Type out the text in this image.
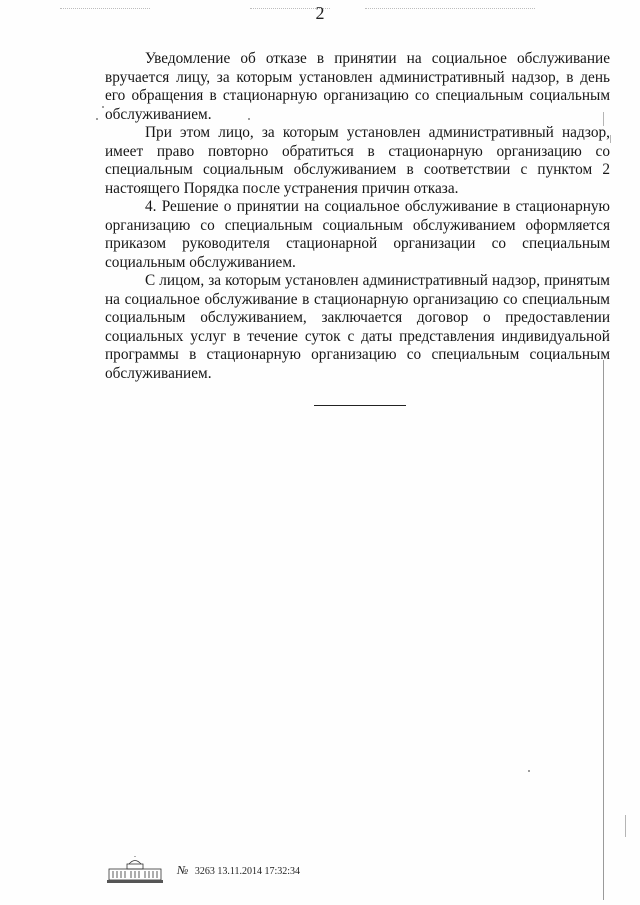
2

Уведомление об отказе в принятии на социальное обслуживание вручается лицу, за которым установлен административный надзор, в день его обращения в стационарную организацию со специальным социальным обслуживанием.

При этом лицо, за которым установлен административный надзор, имеет право повторно обратиться в стационарную организацию со специальным социальным обслуживанием в соответствии с пунктом 2 настоящего Порядка после устранения причин отказа.

4. Решение о принятии на социальное обслуживание в стационарную организацию со специальным социальным обслуживанием оформляется приказом руководителя стационарной организации со специальным социальным обслуживанием.

С лицом, за которым установлен административный надзор, принятым на социальное обслуживание в стационарную организацию со специальным социальным обслуживанием, заключается договор о предоставлении социальных услуг в течение суток с даты представления индивидуальной программы в стационарную организацию со специальным социальным обслуживанием.

№ 3263 13.11.2014 17:32:34
